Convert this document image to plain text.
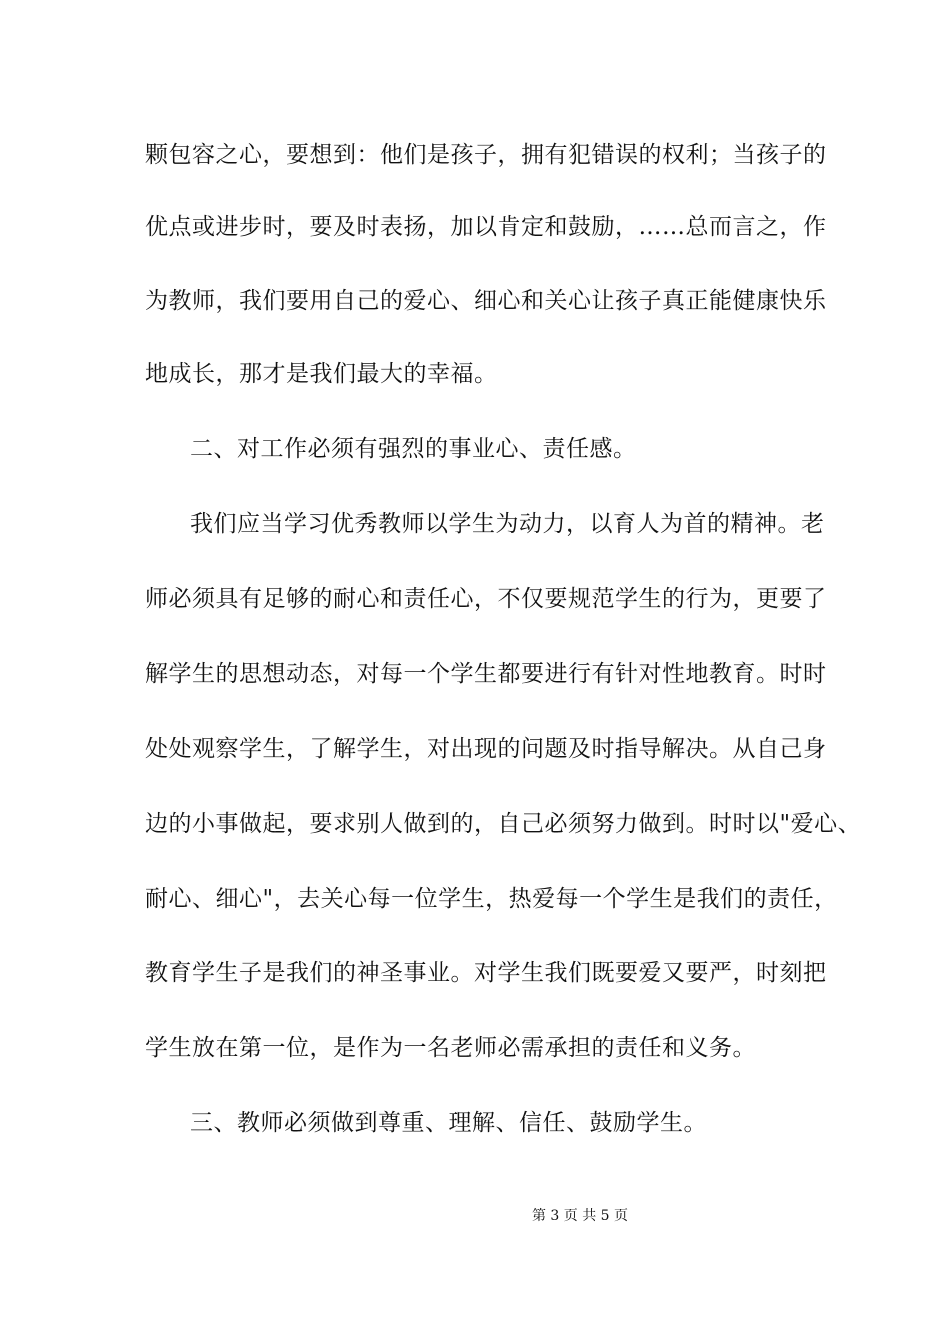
颗包容之心，要想到：他们是孩子，拥有犯错误的权利；当孩子的
优点或进步时，要及时表扬，加以肯定和鼓励，……总而言之，作
为教师，我们要用自己的爱心、细心和关心让孩子真正能健康快乐
地成长，那才是我们最大的幸福。
二、对工作必须有强烈的事业心、责任感。
我们应当学习优秀教师以学生为动力，以育人为首的精神。老
师必须具有足够的耐心和责任心，不仅要规范学生的行为，更要了
解学生的思想动态，对每一个学生都要进行有针对性地教育。时时
处处观察学生，了解学生，对出现的问题及时指导解决。从自己身
边的小事做起，要求别人做到的，自己必须努力做到。时时以"爱心、
耐心、细心"，去关心每一位学生，热爱每一个学生是我们的责任，
教育学生子是我们的神圣事业。对学生我们既要爱又要严，时刻把
学生放在第一位，是作为一名老师必需承担的责任和义务。
三、教师必须做到尊重、理解、信任、鼓励学生。
第 3 页 共 5 页
